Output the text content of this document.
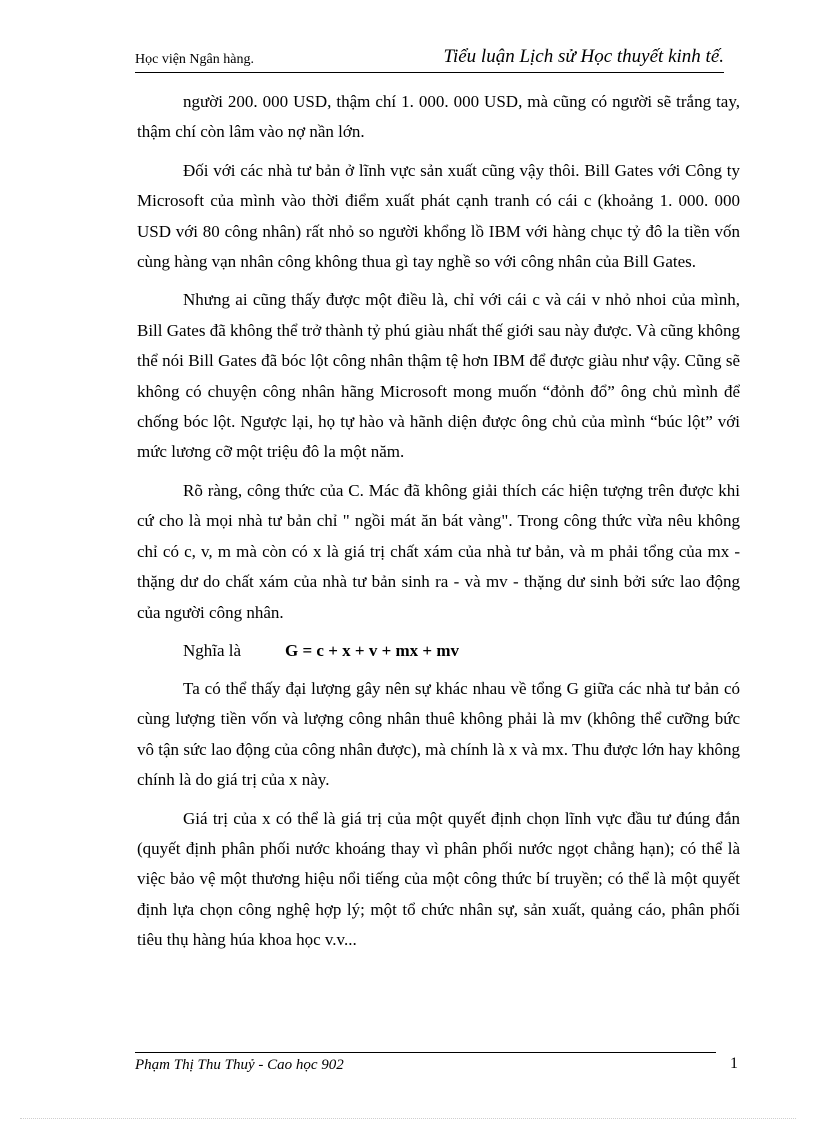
Học viện Ngân hàng.	Tiểu luận Lịch sử Học thuyết kinh tế.

người 200. 000 USD, thậm chí 1. 000. 000 USD, mà cũng có người sẽ trắng tay, thậm chí còn lâm vào nợ nần lớn.

Đối với các nhà tư bản ở lĩnh vực sản xuất cũng vậy thôi. Bill Gates với Công ty Microsoft của mình vào thời điểm xuất phát cạnh tranh có cái c (khoảng 1. 000. 000 USD với 80 công nhân) rất nhỏ so người khổng lồ IBM với hàng chục tỷ đô la tiền vốn cùng hàng vạn nhân công không thua gì tay nghề so với công nhân của Bill Gates.

Nhưng ai cũng thấy được một điều là, chỉ với cái c và cái v nhỏ nhoi của mình, Bill Gates đã không thể trở thành tỷ phú giàu nhất thế giới sau này được. Và cũng không thể nói Bill Gates đã bóc lột công nhân thậm tệ hơn IBM để được giàu như vậy. Cũng sẽ không có chuyện công nhân hãng Microsoft mong muốn “đỏnh đổ” ông chủ mình để chống bóc lột. Ngược lại, họ tự hào và hãnh diện được ông chủ của mình “búc lột” với mức lương cỡ một triệu đô la một năm.

Rõ ràng, công thức của C. Mác đã không giải thích các hiện tượng trên được khi cứ cho là mọi nhà tư bản chỉ " ngồi mát ăn bát vàng". Trong công thức vừa nêu không chỉ có c, v, m mà còn có x là giá trị chất xám của nhà tư bản, và m phải tổng của mx - thặng dư do chất xám của nhà tư bản sinh ra - và mv - thặng dư sinh bởi sức lao động của người công nhân.

Nghĩa là	G = c + x + v + mx + mv

Ta có thể thấy đại lượng gây nên sự khác nhau về tổng G giữa các nhà tư bản có cùng lượng tiền vốn và lượng công nhân thuê không phải là mv (không thể cưỡng bức vô tận sức lao động của công nhân được), mà chính là x và mx. Thu được lớn hay không chính là do giá trị của x này.

Giá trị của x có thể là giá trị của một quyết định chọn lĩnh vực đầu tư đúng đắn (quyết định phân phối nước khoáng thay vì phân phối nước ngọt chẳng hạn); có thể là việc bảo vệ một thương hiệu nổi tiếng của một công thức bí truyền; có thể là một quyết định lựa chọn công nghệ hợp lý; một tổ chức nhân sự, sản xuất, quảng cáo, phân phối tiêu thụ hàng húa khoa học v.v...

Phạm Thị Thu Thuỷ - Cao học 902	1
